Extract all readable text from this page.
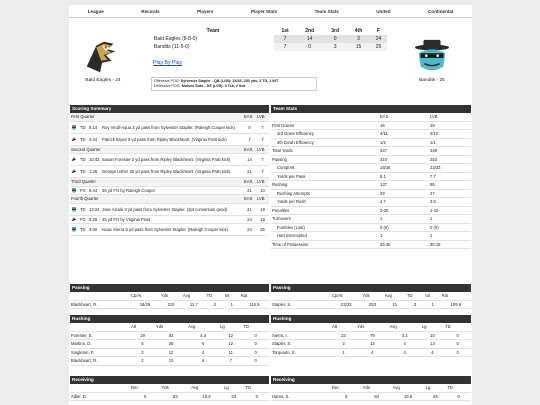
League	Records	Players	Player Stats	Team Stats	United	Continental
Bald Eagles - 24
Team	1st	2nd	3rd	4th	F
Bald Eagles (8-8-0)	7	14	0	3	24
Bandits (11-5-0)	7	0	3	15	25
Play By Play
Offensive POG: Sylvester Stapler - QB (LVB): 23/33, 253 yds, 3 TD, 1 INT
Defensive POG: Moises Soto - DE (LVB): 3 Tck, 2 Sck
Bandits - 25
Scoring Summary
First Quarter				EAS	LVB
	TD	9:14	Roy Vindl-Aqua 3 yd pass from Sylvester Stapler. (Raleigh Cooper kick)	0	7
	TD	4:44	Patrick Bryan 9 yd pass from Ripley Blackheart. (Virginia Pratt kick)	7	7
Second Quarter				EAS	LVB
	TD	10:43	Susan Forester 2 yd pass from Ripley Blackheart. (Virginia Pratt kick)	14	7
	TD	1:26	George Usher 25 yd pass from Ripley Blackheart. (Virginia Pratt kick)	21	7
Third Quarter				EAS	LVB
	FG	6:44	36 yd FG by Raleigh Cooper	21	10
Fourth Quarter				EAS	LVB
	TD	13:24	Jose Alcala 3 yd pass from Sylvester Stapler. (2pt conversion good)	21	18
	FG	8:25	45 yd FG by Virginia Pratt	24	18
	TD	3:00	Isaac Sierra 6 yd pass from Sylvester Stapler. (Raleigh Cooper kick)	24	25
Team Stats
	EAS	LVB
First Downs	16	18
3rd Down Efficiency	4/11	3/10
4th Down Efficiency	1/2	1/1
Total Yards	347	348
Passing	210	253
Comp/Att	18/26	23/33
Yards per Pass	8.1	7.7
Rushing	137	95
Rushing Attempts	29	27
Yards per Rush	4.7	3.5
Penalties	3-25	1-15
Turnovers	1	1
Fumbles (Lost)	0 (0)	0 (0)
Had Intercepted	1	1
Time of Possession	29:45	30:15
Passing
	Cp/At	Yds	Avg	TD	Int	Rat
Blackheart, R.	18/26	210	11.7	3	1	115.9
Passing
	Cp/At	Yds	Avg	TD	Int	Rat
Stapler, S.	23/33	253	11	3	1	109.8
Rushing
	Att	Yds	Avg	Lg	TD
Forester, S.	19	83	4.4	12	0
Martino, D.	5	30	6	12	0
Singleton, F.	3	12	4	11	0
Blackheart, R.	2	12	6	7	0
Rushing
	Att	Yds	Avg	Lg	TD
Sierra, I.	23	79	3.4	10	0
Stapler, S.	3	12	4	13	0
Torquado, S.	1	4	4	4	0
Receiving
	Rec	Yds	Avg	Lg	TD
Adler, D.	5	83	16.6	33	0
Receiving
	Rec	Yds	Avg	Lg	TD
Harris, S.	5	84	16.8	25	0
